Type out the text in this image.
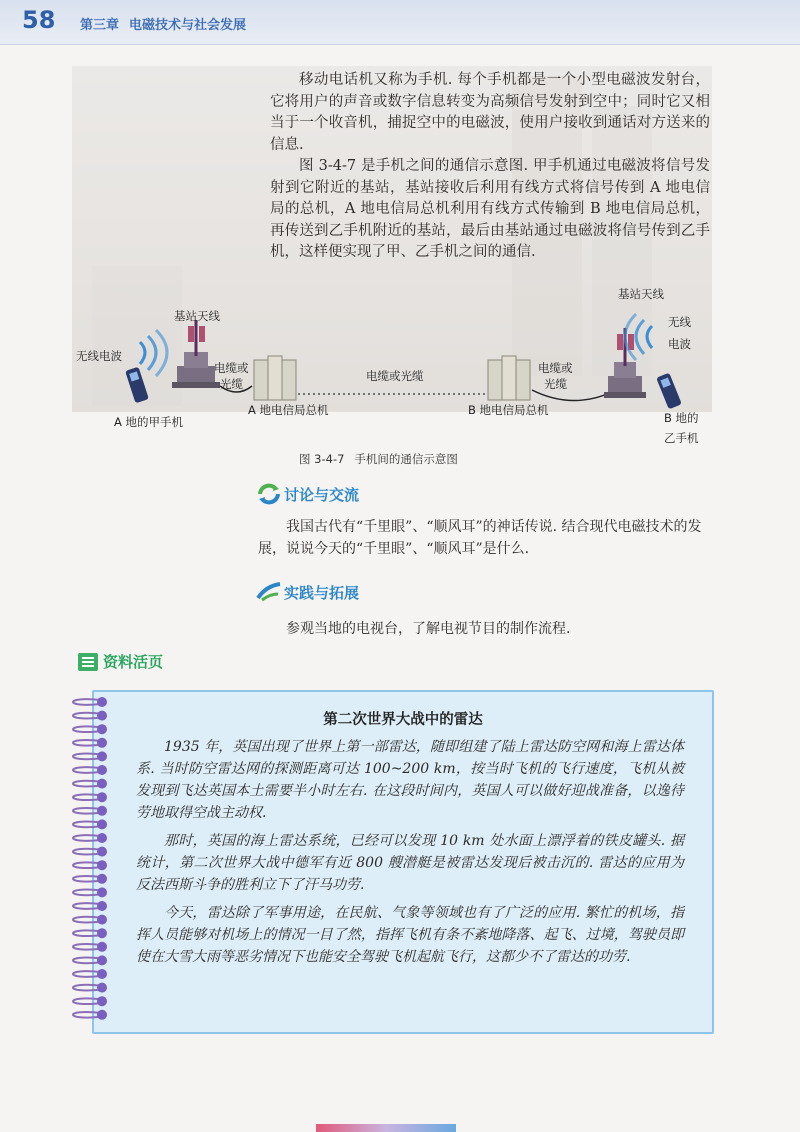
58 第三章 电磁技术与社会发展

移动电话机又称为手机. 每个手机都是一个小型电磁波发射台，它将用户的声音或数字信息转变为高频信号发射到空中；同时它又相当于一个收音机，捕捉空中的电磁波，使用户接收到通话对方送来的信息.

图 3-4-7 是手机之间的通信示意图. 甲手机通过电磁波将信号发射到它附近的基站，基站接收后利用有线方式将信号传到 A 地电信局的总机，A 地电信局总机利用有线方式传输到 B 地电信局总机，再传送到乙手机附近的基站，最后由基站通过电磁波将信号传到乙手机，这样便实现了甲、乙手机之间的通信.

基站天线
基站天线
无线电波
无线
电波
电缆或
光缆
电缆或光缆
电缆或
光缆
A 地电信局总机	B 地电信局总机
A 地的甲手机	B 地的
乙手机
图 3-4-7 手机间的通信示意图
讨论与交流

我国古代有“千里眼”、“顺风耳”的神话传说. 结合现代电磁技术的发展，说说今天的“千里眼”、“顺风耳”是什么.

实践与拓展

参观当地的电视台，了解电视节目的制作流程.

资料活页
第二次世界大战中的雷达

1935 年，英国出现了世界上第一部雷达，随即组建了陆上雷达防空网和海上雷达体系. 当时防空雷达网的探测距离可达 100~200 km，按当时飞机的飞行速度，飞机从被发现到飞达英国本土需要半小时左右. 在这段时间内，英国人可以做好迎战准备，以逸待劳地取得空战主动权.

那时，英国的海上雷达系统，已经可以发现 10 km 处水面上漂浮着的铁皮罐头. 据统计，第二次世界大战中德军有近 800 艘潜艇是被雷达发现后被击沉的. 雷达的应用为反法西斯斗争的胜利立下了汗马功劳.

今天，雷达除了军事用途，在民航、气象等领域也有了广泛的应用. 繁忙的机场，指挥人员能够对机场上的情况一目了然，指挥飞机有条不紊地降落、起飞、过境，驾驶员即使在大雪大雨等恶劣情况下也能安全驾驶飞机起航飞行，这都少不了雷达的功劳.
